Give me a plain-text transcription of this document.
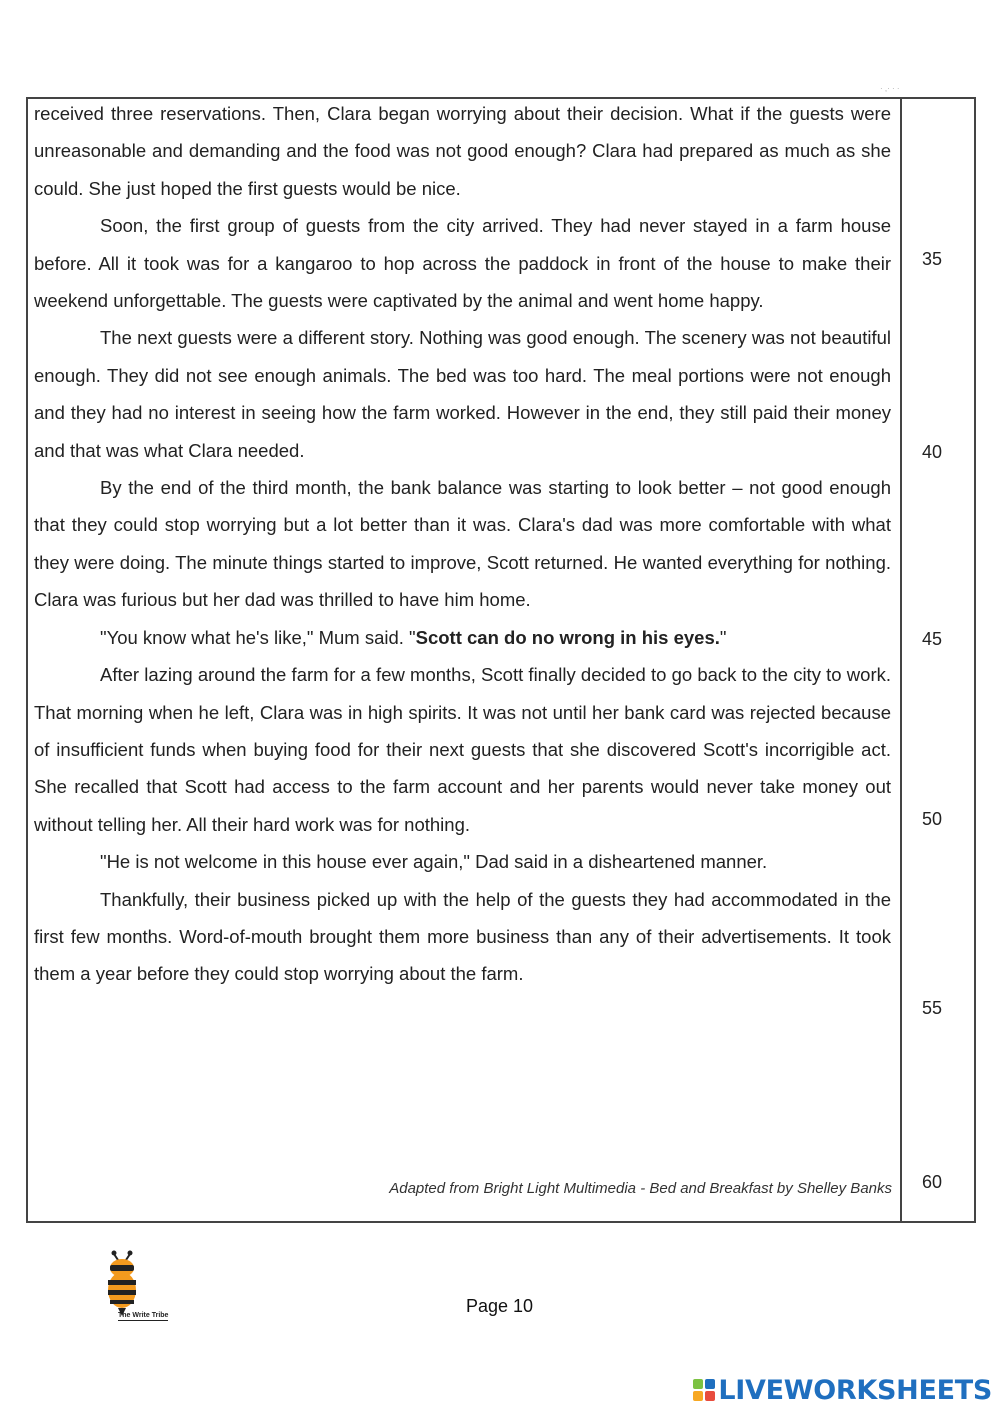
· ,· · ·

received three reservations. Then, Clara began worrying about their decision. What if the guests were unreasonable and demanding and the food was not good enough? Clara had prepared as much as she could. She just hoped the first guests would be nice.

Soon, the first group of guests from the city arrived. They had never stayed in a farm house before. All it took was for a kangaroo to hop across the paddock in front of the house to make their weekend unforgettable. The guests were captivated by the animal and went home happy.

The next guests were a different story. Nothing was good enough. The scenery was not beautiful enough. They did not see enough animals. The bed was too hard. The meal portions were not enough and they had no interest in seeing how the farm worked. However in the end, they still paid their money and that was what Clara needed.

By the end of the third month, the bank balance was starting to look better – not good enough that they could stop worrying but a lot better than it was. Clara's dad was more comfortable with what they were doing. The minute things started to improve, Scott returned. He wanted everything for nothing. Clara was furious but her dad was thrilled to have him home.

"You know what he's like," Mum said. "Scott can do no wrong in his eyes."

After lazing around the farm for a few months, Scott finally decided to go back to the city to work. That morning when he left, Clara was in high spirits. It was not until her bank card was rejected because of insufficient funds when buying food for their next guests that she discovered Scott's incorrigible act. She recalled that Scott had access to the farm account and her parents would never take money out without telling her. All their hard work was for nothing.

"He is not welcome in this house ever again," Dad said in a disheartened manner.

Thankfully, their business picked up with the help of the guests they had accommodated in the first few months. Word-of-mouth brought them more business than any of their advertisements. It took them a year before they could stop worrying about the farm.

Adapted from Bright Light Multimedia - Bed and Breakfast by Shelley Banks
35
40
45
50
55
60
The Write Tribe	Page 10
LIVEWORKSHEETS
